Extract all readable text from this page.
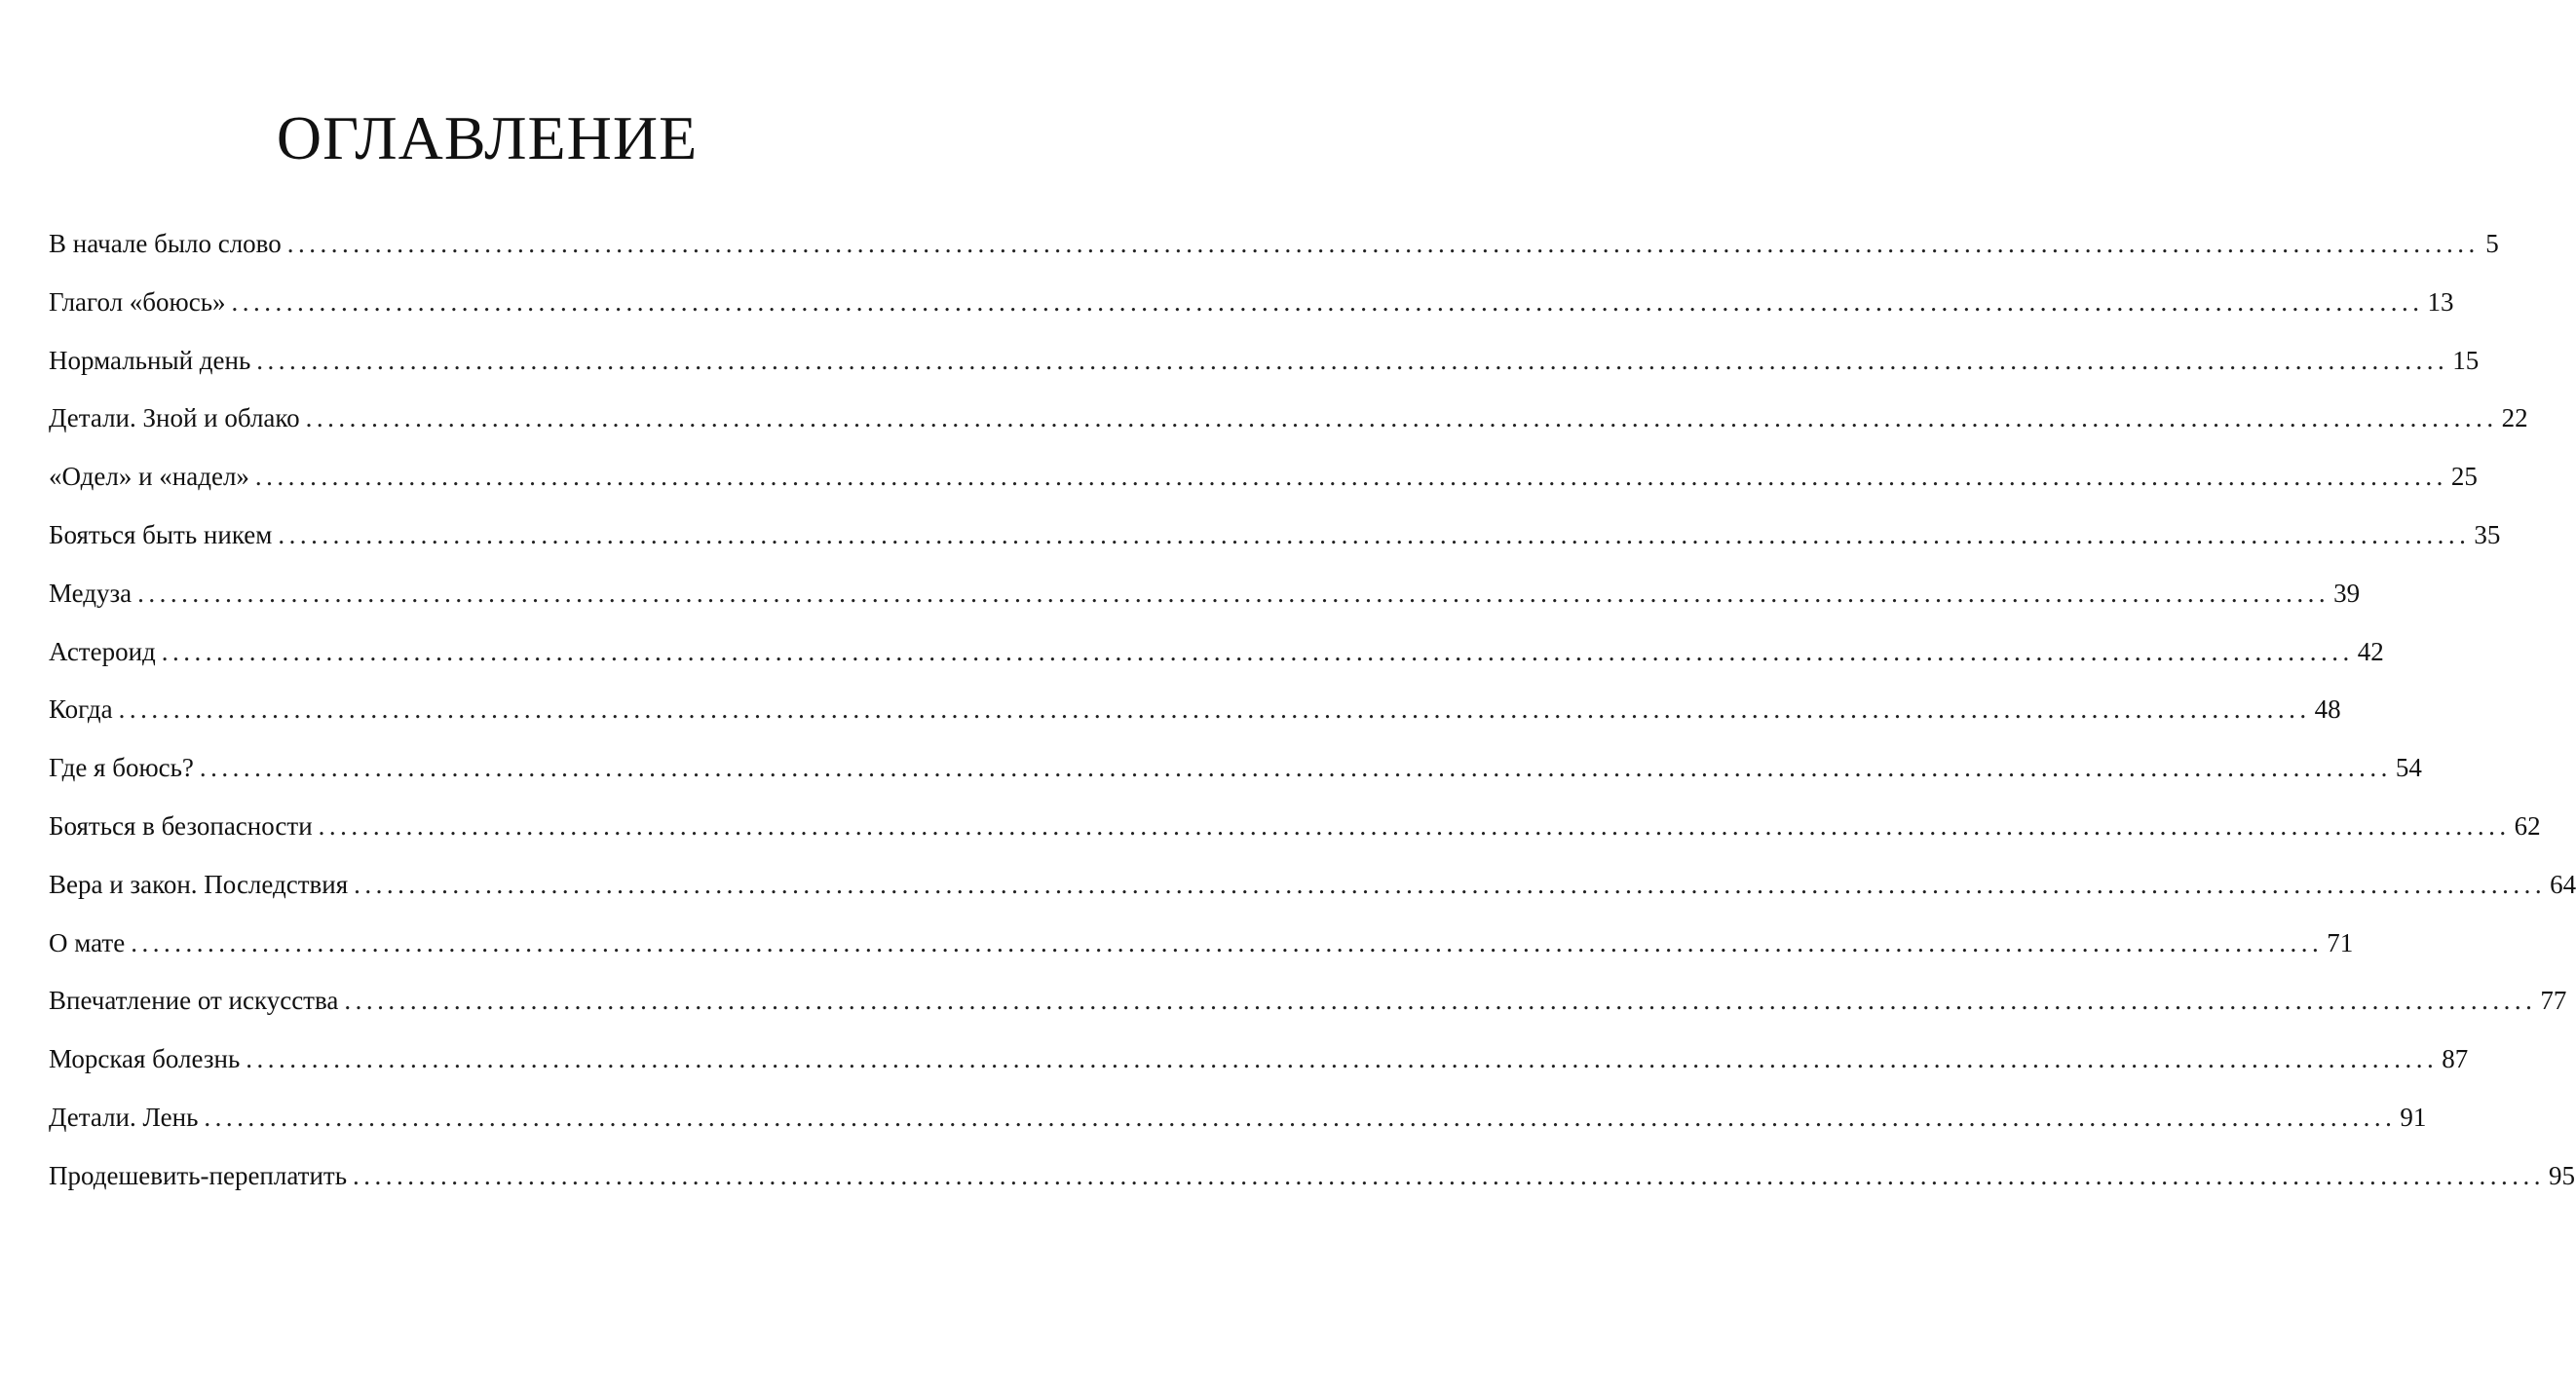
ОГЛАВЛЕНИЕ
В начале было слово ........................................................................................................................................................................................................ 5
Глагол «боюсь» ........................................................................................................................................................................................................ 13
Нормальный день ........................................................................................................................................................................................................ 15
Детали. Зной и облако ........................................................................................................................................................................................................ 22
«Одел» и «надел» ........................................................................................................................................................................................................ 25
Бояться быть никем ........................................................................................................................................................................................................ 35
Медуза ........................................................................................................................................................................................................ 39
Астероид ........................................................................................................................................................................................................ 42
Когда ........................................................................................................................................................................................................ 48
Где я боюсь? ........................................................................................................................................................................................................ 54
Бояться в безопасности ........................................................................................................................................................................................................ 62
Вера и закон. Последствия ........................................................................................................................................................................................................ 64
О мате ........................................................................................................................................................................................................ 71
Впечатление от искусства ........................................................................................................................................................................................................ 77
Морская болезнь ........................................................................................................................................................................................................ 87
Детали. Лень ........................................................................................................................................................................................................ 91
Продешевить-переплатить ........................................................................................................................................................................................................ 95
